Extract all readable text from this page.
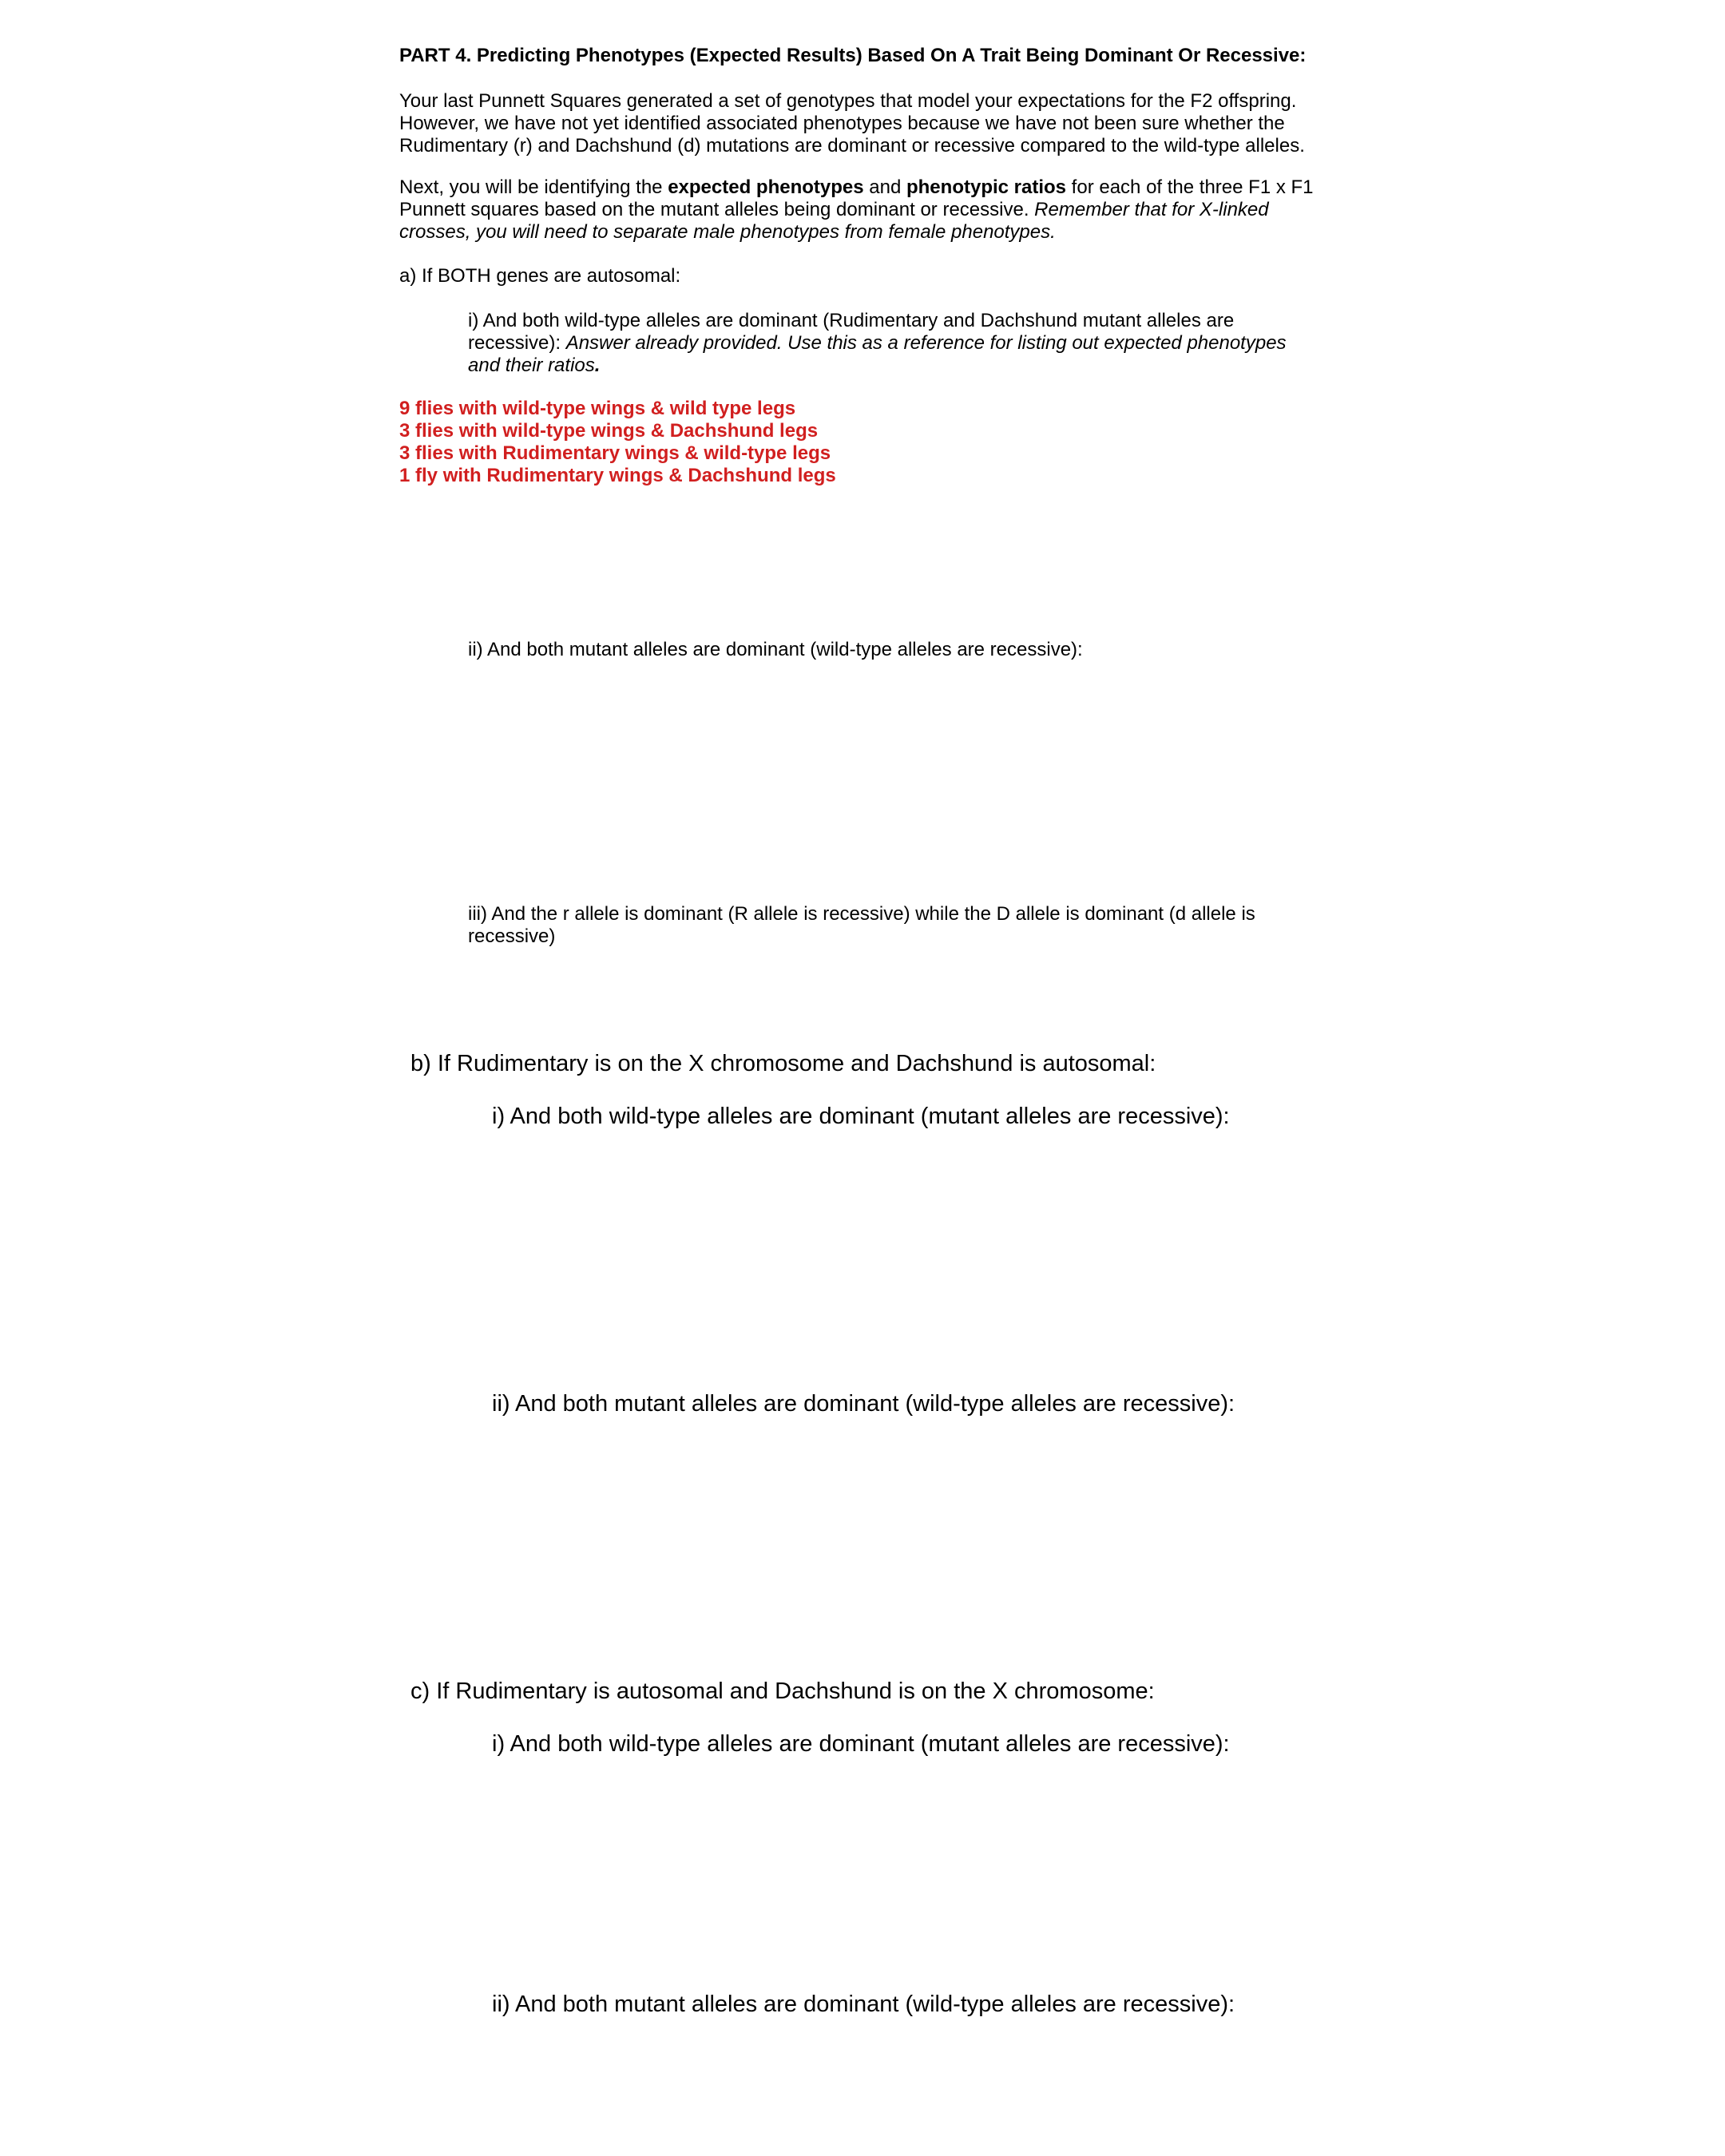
PART 4. Predicting Phenotypes (Expected Results) Based On A Trait Being Dominant Or Recessive:
Your last Punnett Squares generated a set of genotypes that model your expectations for the F2 offspring.
However, we have not yet identified associated phenotypes because we have not been sure whether the
Rudimentary (r) and Dachshund (d) mutations are dominant or recessive compared to the wild-type alleles.
Next, you will be identifying the expected phenotypes and phenotypic ratios for each of the three F1 x F1
Punnett squares based on the mutant alleles being dominant or recessive. Remember that for X-linked
crosses, you will need to separate male phenotypes from female phenotypes.
a) If BOTH genes are autosomal:
i) And both wild-type alleles are dominant (Rudimentary and Dachshund mutant alleles are
recessive): Answer already provided. Use this as a reference for listing out expected phenotypes
and their ratios.
9 flies with wild-type wings & wild type legs
3 flies with wild-type wings & Dachshund legs
3 flies with Rudimentary wings & wild-type legs
1 fly with Rudimentary wings & Dachshund legs
ii) And both mutant alleles are dominant (wild-type alleles are recessive):
iii) And the r allele is dominant (R allele is recessive) while the D allele is dominant (d allele is
recessive)
b) If Rudimentary is on the X chromosome and Dachshund is autosomal:
i) And both wild-type alleles are dominant (mutant alleles are recessive):
ii) And both mutant alleles are dominant (wild-type alleles are recessive):
c) If Rudimentary is autosomal and Dachshund is on the X chromosome:
i) And both wild-type alleles are dominant (mutant alleles are recessive):
ii) And both mutant alleles are dominant (wild-type alleles are recessive):
